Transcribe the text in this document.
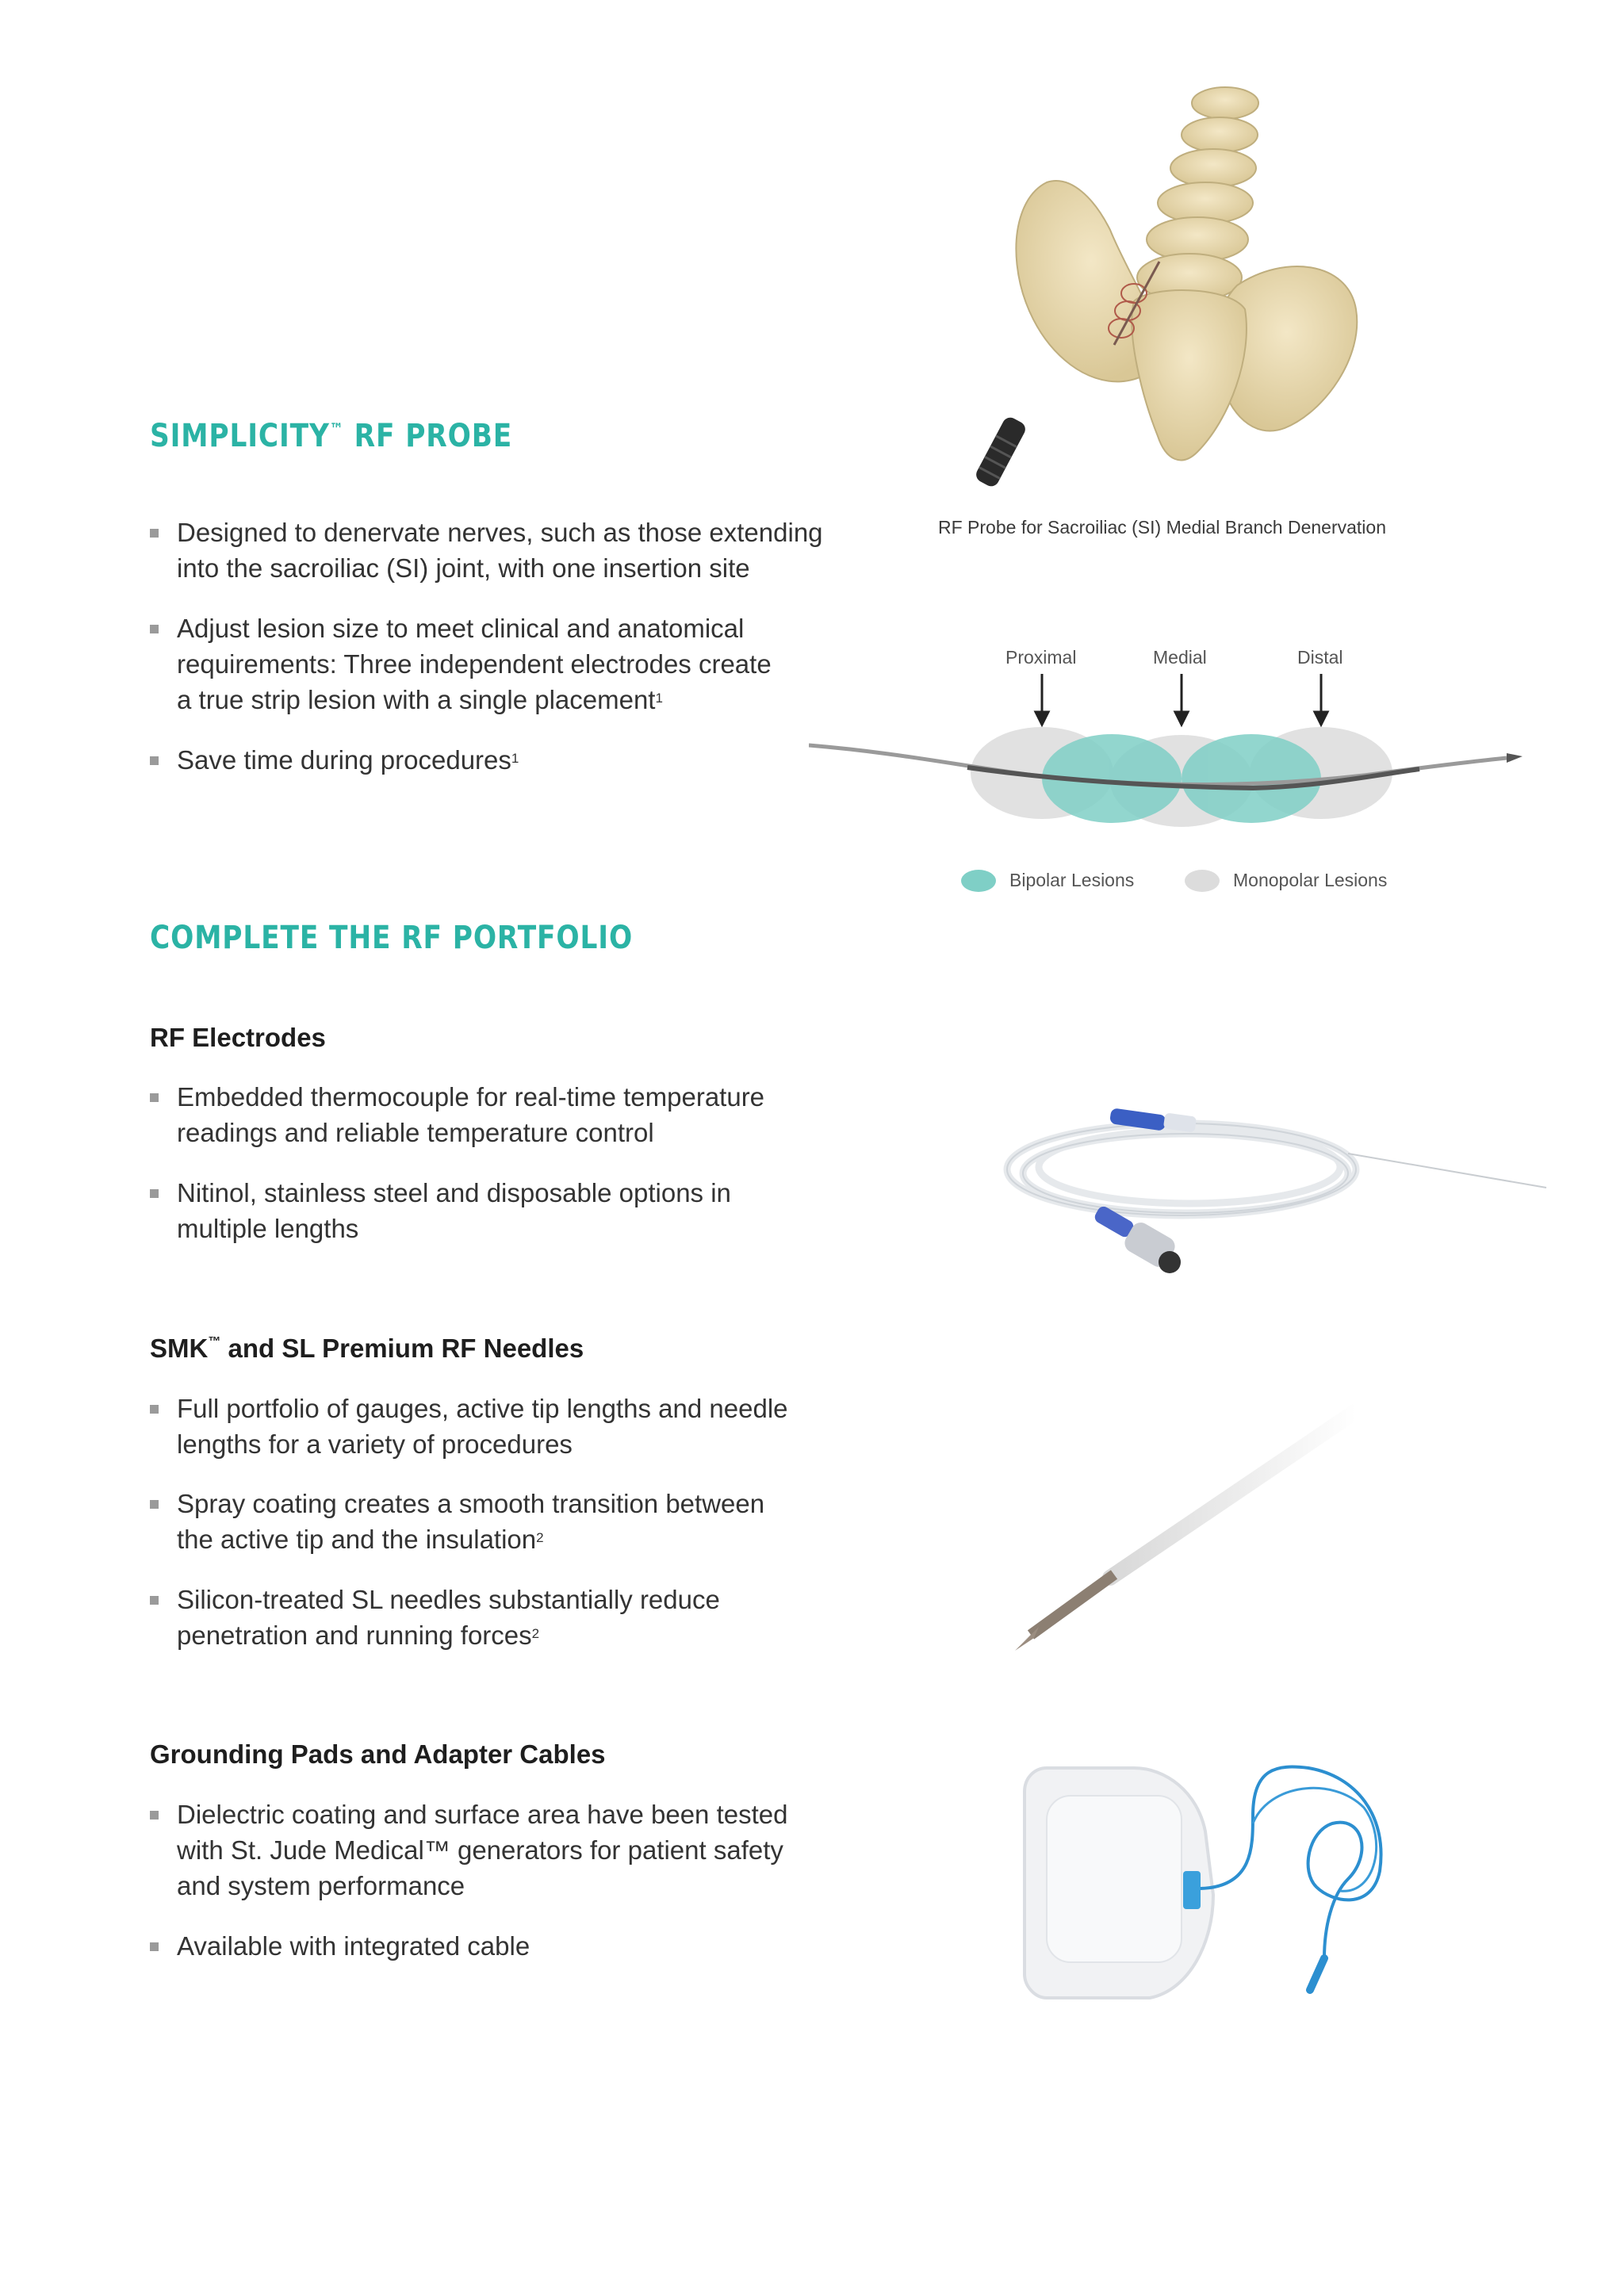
SIMPLICITY™ RF PROBE
Designed to denervate nerves, such as those extending
into the sacroiliac (SI) joint, with one insertion site
Adjust lesion size to meet clinical and anatomical
requirements: Three independent electrodes create
a true strip lesion with a single placement$^1$
Save time during procedures$^1$
RF Probe for Sacroiliac (SI) Medial Branch Denervation
Proximal	Medial	Distal
Bipolar Lesions	Monopolar Lesions
COMPLETE THE RF PORTFOLIO
RF Electrodes
Embedded thermocouple for real-time temperature
readings and reliable temperature control
Nitinol, stainless steel and disposable options in
multiple lengths
SMK™ and SL Premium RF Needles
Full portfolio of gauges, active tip lengths and needle
lengths for a variety of procedures
Spray coating creates a smooth transition between
the active tip and the insulation$^2$
Silicon-treated SL needles substantially reduce
penetration and running forces$^2$
Grounding Pads and Adapter Cables
Dielectric coating and surface area have been tested
with St. Jude Medical™ generators for patient safety
and system performance
Available with integrated cable
